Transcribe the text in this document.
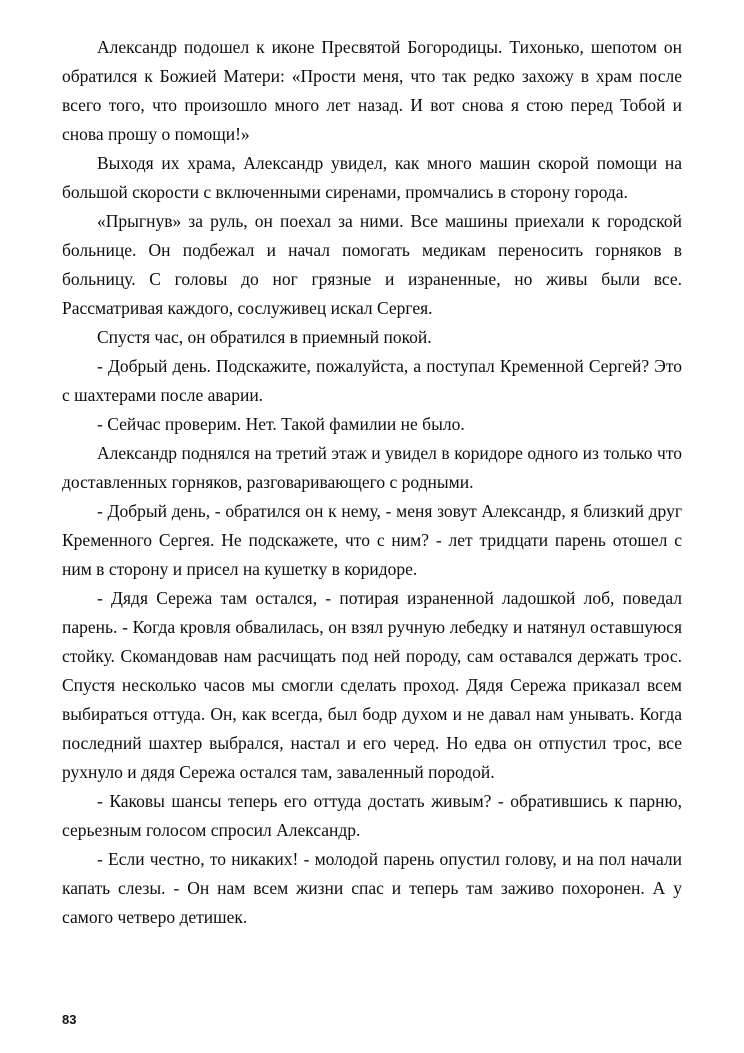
Александр подошел к иконе Пресвятой Богородицы. Тихонько, шепотом он обратился к Божией Матери: «Прости меня, что так редко захожу в храм после всего того, что произошло много лет назад. И вот снова я стою перед Тобой и снова прошу о помощи!»

Выходя их храма, Александр увидел, как много машин скорой помощи на большой скорости с включенными сиренами, промчались в сторону города.

«Прыгнув» за руль, он поехал за ними. Все машины приехали к городской больнице. Он подбежал и начал помогать медикам переносить горняков в больницу. С головы до ног грязные и израненные, но живы были все. Рассматривая каждого, сослуживец искал Сергея.

Спустя час, он обратился в приемный покой.

- Добрый день. Подскажите, пожалуйста, а поступал Кременной Сергей? Это с шахтерами после аварии.

- Сейчас проверим. Нет. Такой фамилии не было.

Александр поднялся на третий этаж и увидел в коридоре одного из только что доставленных горняков, разговаривающего с родными.

- Добрый день, - обратился он к нему, - меня зовут Александр, я близкий друг Кременного Сергея. Не подскажете, что с ним? - лет тридцати парень отошел с ним в сторону и присел на кушетку в коридоре.

- Дядя Сережа там остался, - потирая израненной ладошкой лоб, поведал парень. - Когда кровля обвалилась, он взял ручную лебедку и натянул оставшуюся стойку. Скомандовав нам расчищать под ней породу, сам оставался держать трос. Спустя несколько часов мы смогли сделать проход. Дядя Сережа приказал всем выбираться оттуда. Он, как всегда, был бодр духом и не давал нам унывать. Когда последний шахтер выбрался, настал и его черед. Но едва он отпустил трос, все рухнуло и дядя Сережа остался там, заваленный породой.

- Каковы шансы теперь его оттуда достать живым? - обратившись к парню, серьезным голосом спросил Александр.

- Если честно, то никаких! - молодой парень опустил голову, и на пол начали капать слезы. - Он нам всем жизни спас и теперь там заживо похоронен. А у самого четверо детишек.

83
